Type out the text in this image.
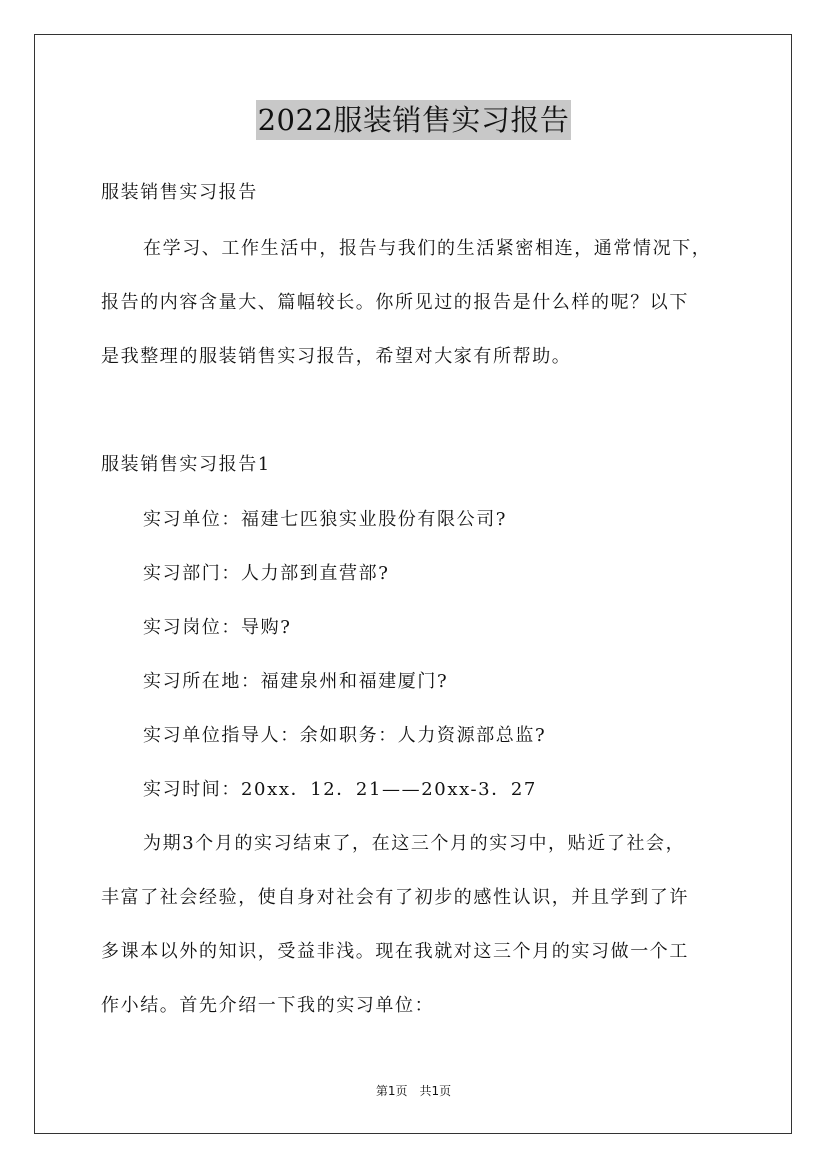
2022服装销售实习报告
服装销售实习报告
在学习、工作生活中，报告与我们的生活紧密相连，通常情况下，
报告的内容含量大、篇幅较长。你所见过的报告是什么样的呢？以下
是我整理的服装销售实习报告，希望对大家有所帮助。
服装销售实习报告1
实习单位：福建七匹狼实业股份有限公司?
实习部门：人力部到直营部?
实习岗位：导购?
实习所在地：福建泉州和福建厦门?
实习单位指导人：余如职务：人力资源部总监?
实习时间：20xx．12．21——20xx-3．27
为期3个月的实习结束了，在这三个月的实习中，贴近了社会，
丰富了社会经验，使自身对社会有了初步的感性认识，并且学到了许
多课本以外的知识，受益非浅。现在我就对这三个月的实习做一个工
作小结。首先介绍一下我的实习单位：
第1页　共1页
